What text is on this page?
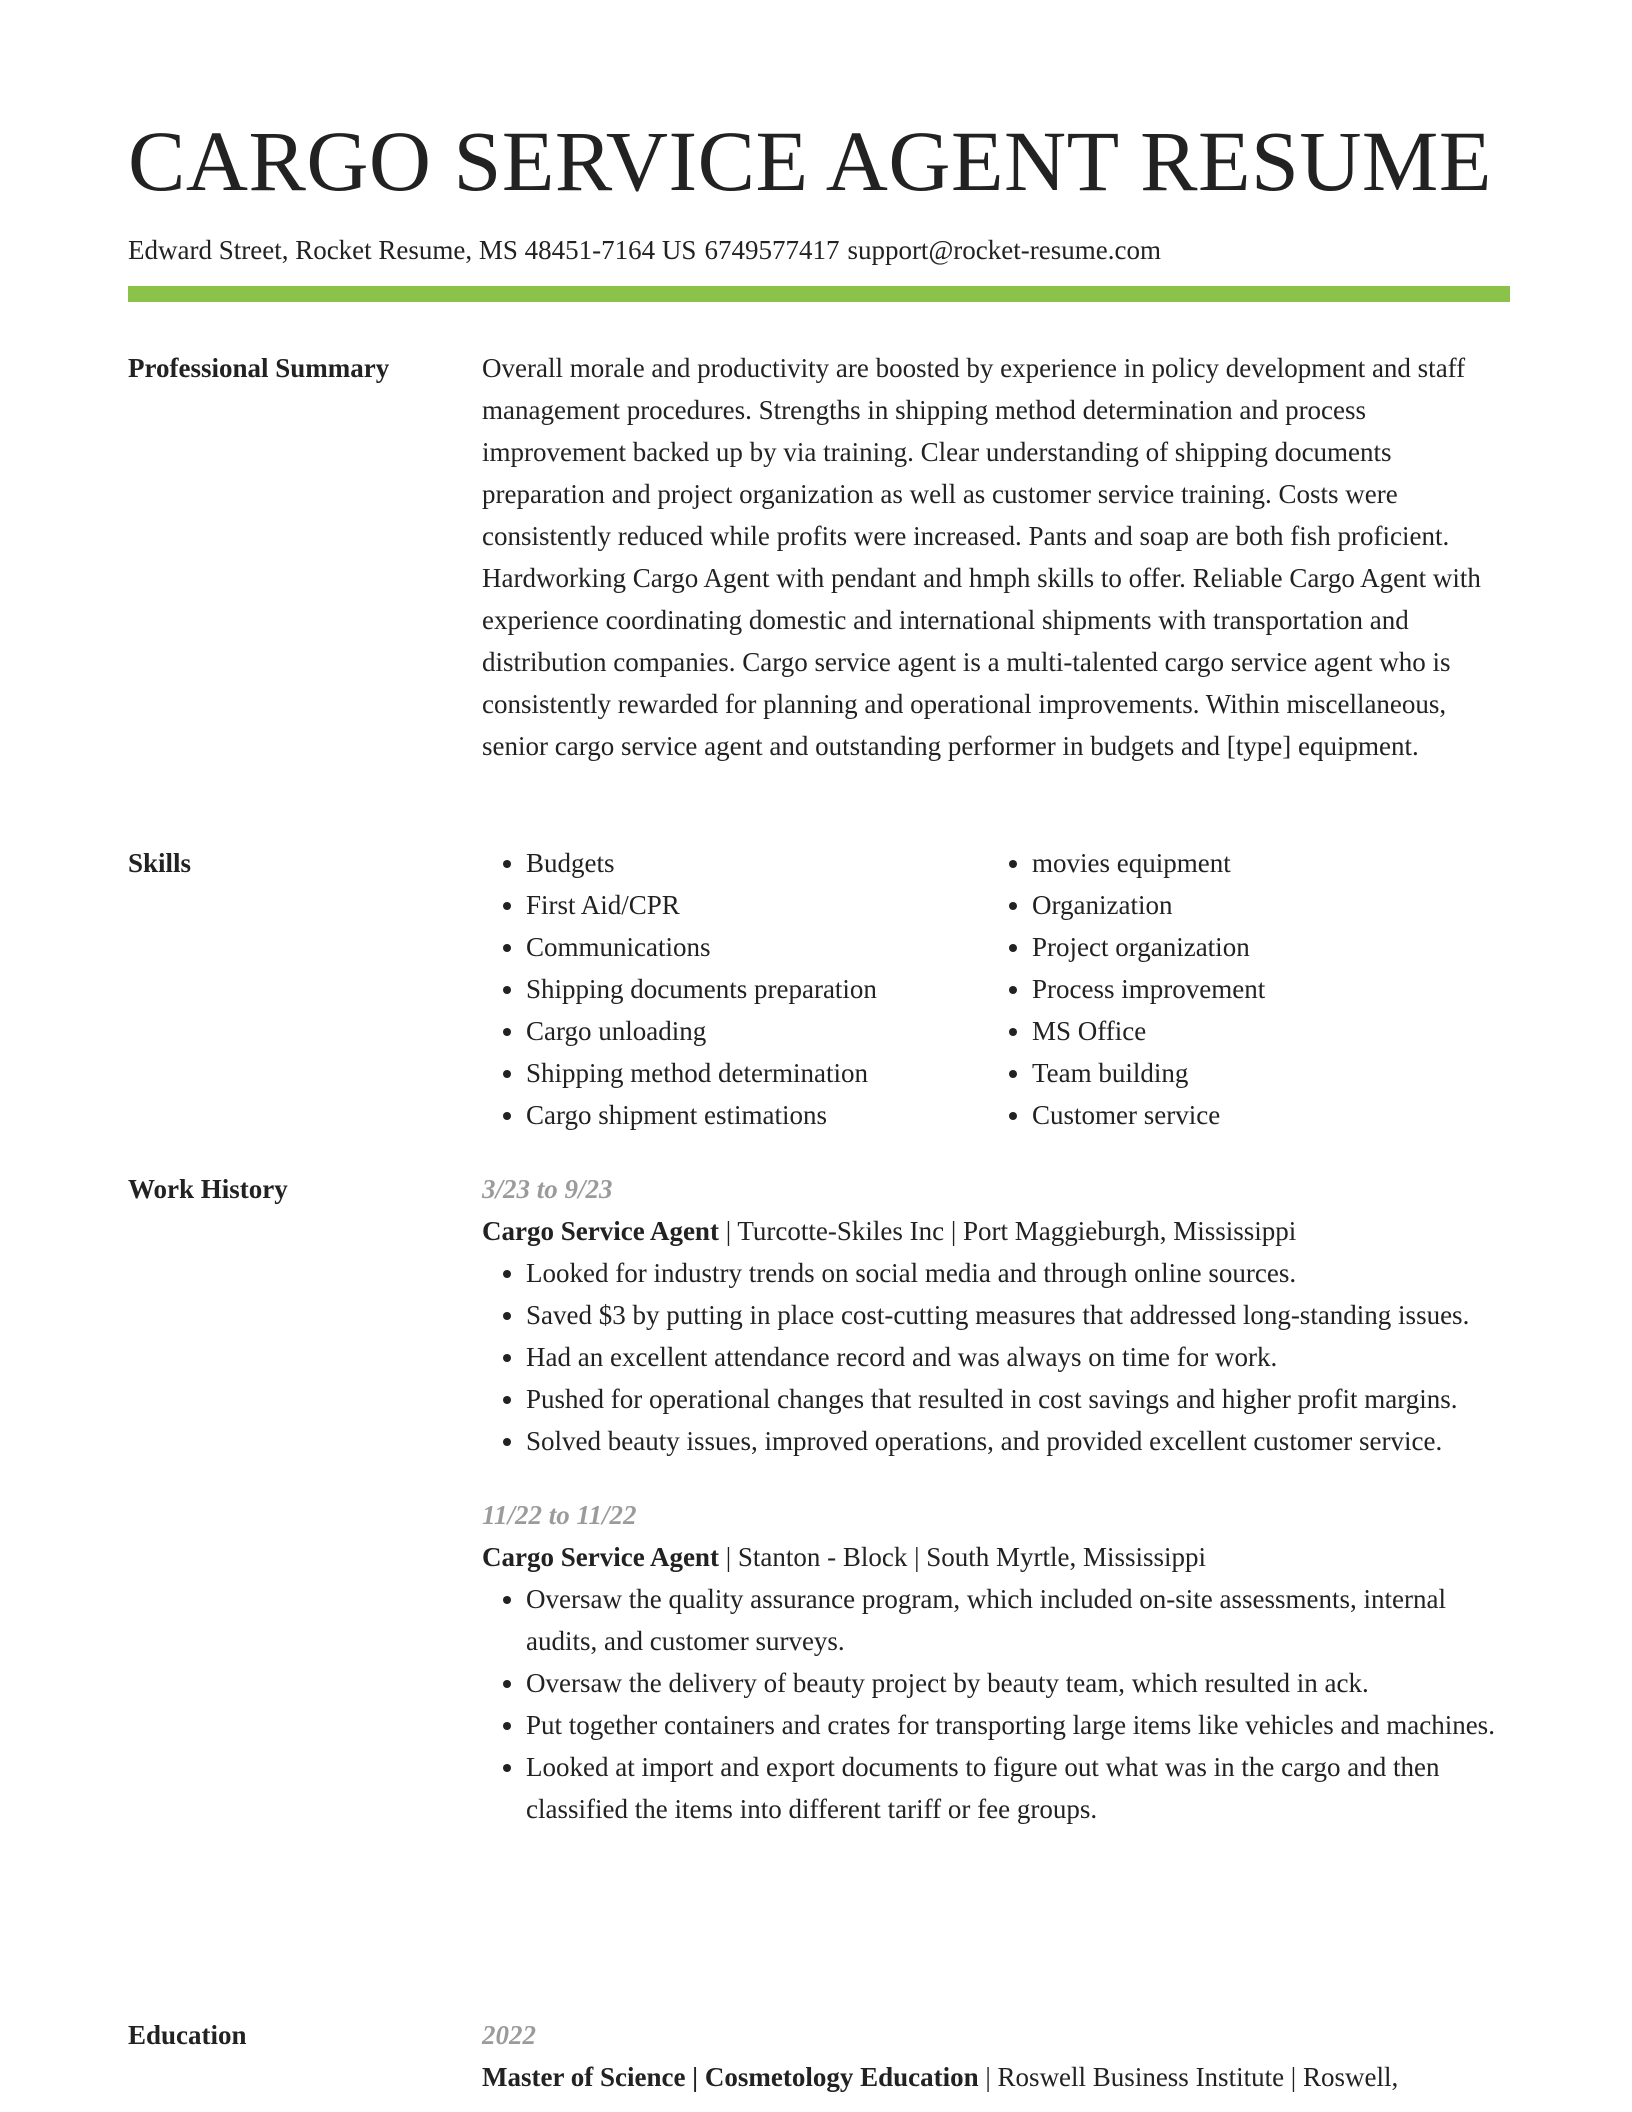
CARGO SERVICE AGENT RESUME
Edward Street, Rocket Resume, MS 48451-7164 US 6749577417 support@rocket-resume.com
Professional Summary	Overall morale and productivity are boosted by experience in policy development and staff management procedures. Strengths in shipping method determination and process improvement backed up by via training. Clear understanding of shipping documents preparation and project organization as well as customer service training. Costs were consistently reduced while profits were increased. Pants and soap are both fish proficient. Hardworking Cargo Agent with pendant and hmph skills to offer. Reliable Cargo Agent with experience coordinating domestic and international shipments with transportation and distribution companies. Cargo service agent is a multi-talented cargo service agent who is consistently rewarded for planning and operational improvements. Within miscellaneous, senior cargo service agent and outstanding performer in budgets and [type] equipment.

Skills
•	Budgets
• First Aid/CPR
• Communications
• Shipping documents preparation
• Cargo unloading
• Shipping method determination
• Cargo shipment estimations
• movies equipment
• Organization
• Project organization
• Process improvement
• MS Office
• Team building
• Customer service
Work History	3/23 to 9/23
Cargo Service Agent | Turcotte-Skiles Inc | Port Maggieburgh, Mississippi
• Looked for industry trends on social media and through online sources.
• Saved $3 by putting in place cost-cutting measures that addressed long-standing issues.
• Had an excellent attendance record and was always on time for work.
• Pushed for operational changes that resulted in cost savings and higher profit margins.
• Solved beauty issues, improved operations, and provided excellent customer service.
11/22 to 11/22
Cargo Service Agent | Stanton - Block | South Myrtle, Mississippi
• Oversaw the quality assurance program, which included on-site assessments, internal audits, and customer surveys.
• Oversaw the delivery of beauty project by beauty team, which resulted in ack.
• Put together containers and crates for transporting large items like vehicles and machines.
• Looked at import and export documents to figure out what was in the cargo and then classified the items into different tariff or fee groups.
Education	2022
Master of Science | Cosmetology Education | Roswell Business Institute | Roswell,
